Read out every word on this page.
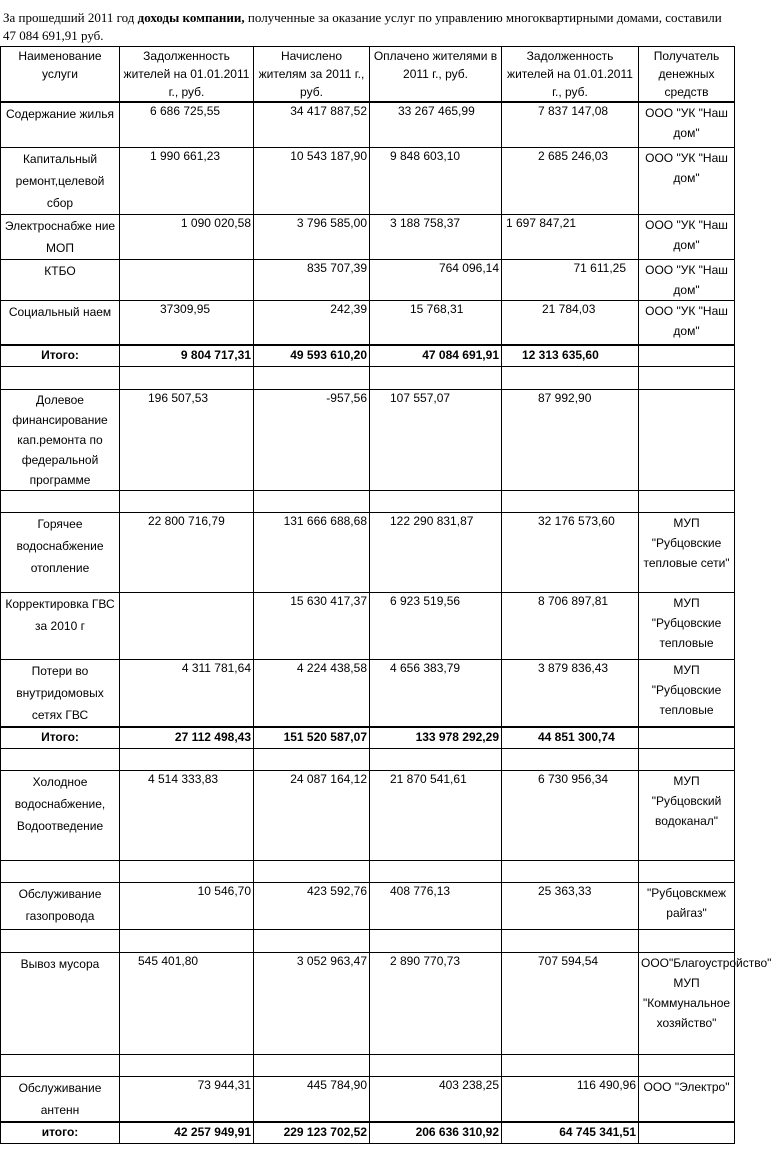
За прошедший 2011 год доходы компании, полученные за оказание услуг по управлению многоквартирными домами, составили 47 084 691,91 руб.
Наименование услуги	Задолженность жителей на 01.01.2011 г., руб.	Начислено жителям за 2011 г., руб.	Оплачено жителями в 2011 г., руб.	Задолженность жителей на 01.01.2011 г., руб.	Получатель денежных средств
Содержание жилья	6 686 725,55	34 417 887,52	33 267 465,99	7 837 147,08	ООО "УК "Наш дом"
Капитальный ремонт,целевой сбор	1 990 661,23	10 543 187,90	9 848 603,10	2 685 246,03	ООО "УК "Наш дом"
Электроснабже ние МОП	1 090 020,58	3 796 585,00	3 188 758,37	1 697 847,21	ООО "УК "Наш дом"
КТБО		835 707,39	764 096,14	71 611,25	ООО "УК "Наш дом"
Социальный наем	37309,95	242,39	15 768,31	21 784,03	ООО "УК "Наш дом"
Итого:	9 804 717,31	49 593 610,20	47 084 691,91	12 313 635,60	

Долевое финансирование кап.ремонта по федеральной программе	196 507,53	-957,56	107 557,07	87 992,90	

Горячее водоснабжение отопление	22 800 716,79	131 666 688,68	122 290 831,87	32 176 573,60	МУП "Рубцовские тепловые сети"
Корректировка ГВС за 2010 г		15 630 417,37	6 923 519,56	8 706 897,81	МУП "Рубцовские тепловые
Потери во внутридомовых сетях ГВС	4 311 781,64	4 224 438,58	4 656 383,79	3 879 836,43	МУП "Рубцовские тепловые
Итого:	27 112 498,43	151 520 587,07	133 978 292,29	44 851 300,74	

Холодное водоснабжение, Водоотведение	4 514 333,83	24 087 164,12	21 870 541,61	6 730 956,34	МУП "Рубцовский водоканал"

Обслуживание газопровода	10 546,70	423 592,76	408 776,13	25 363,33	"Рубцовскмеж райгаз"

Вывоз мусора	545 401,80	3 052 963,47	2 890 770,73	707 594,54	ООО"Благоустройство" МУП "Коммунальное хозяйство"

Обслуживание антенн	73 944,31	445 784,90	403 238,25	116 490,96	ООО "Электро"
итого:	42 257 949,91	229 123 702,52	206 636 310,92	64 745 341,51	
